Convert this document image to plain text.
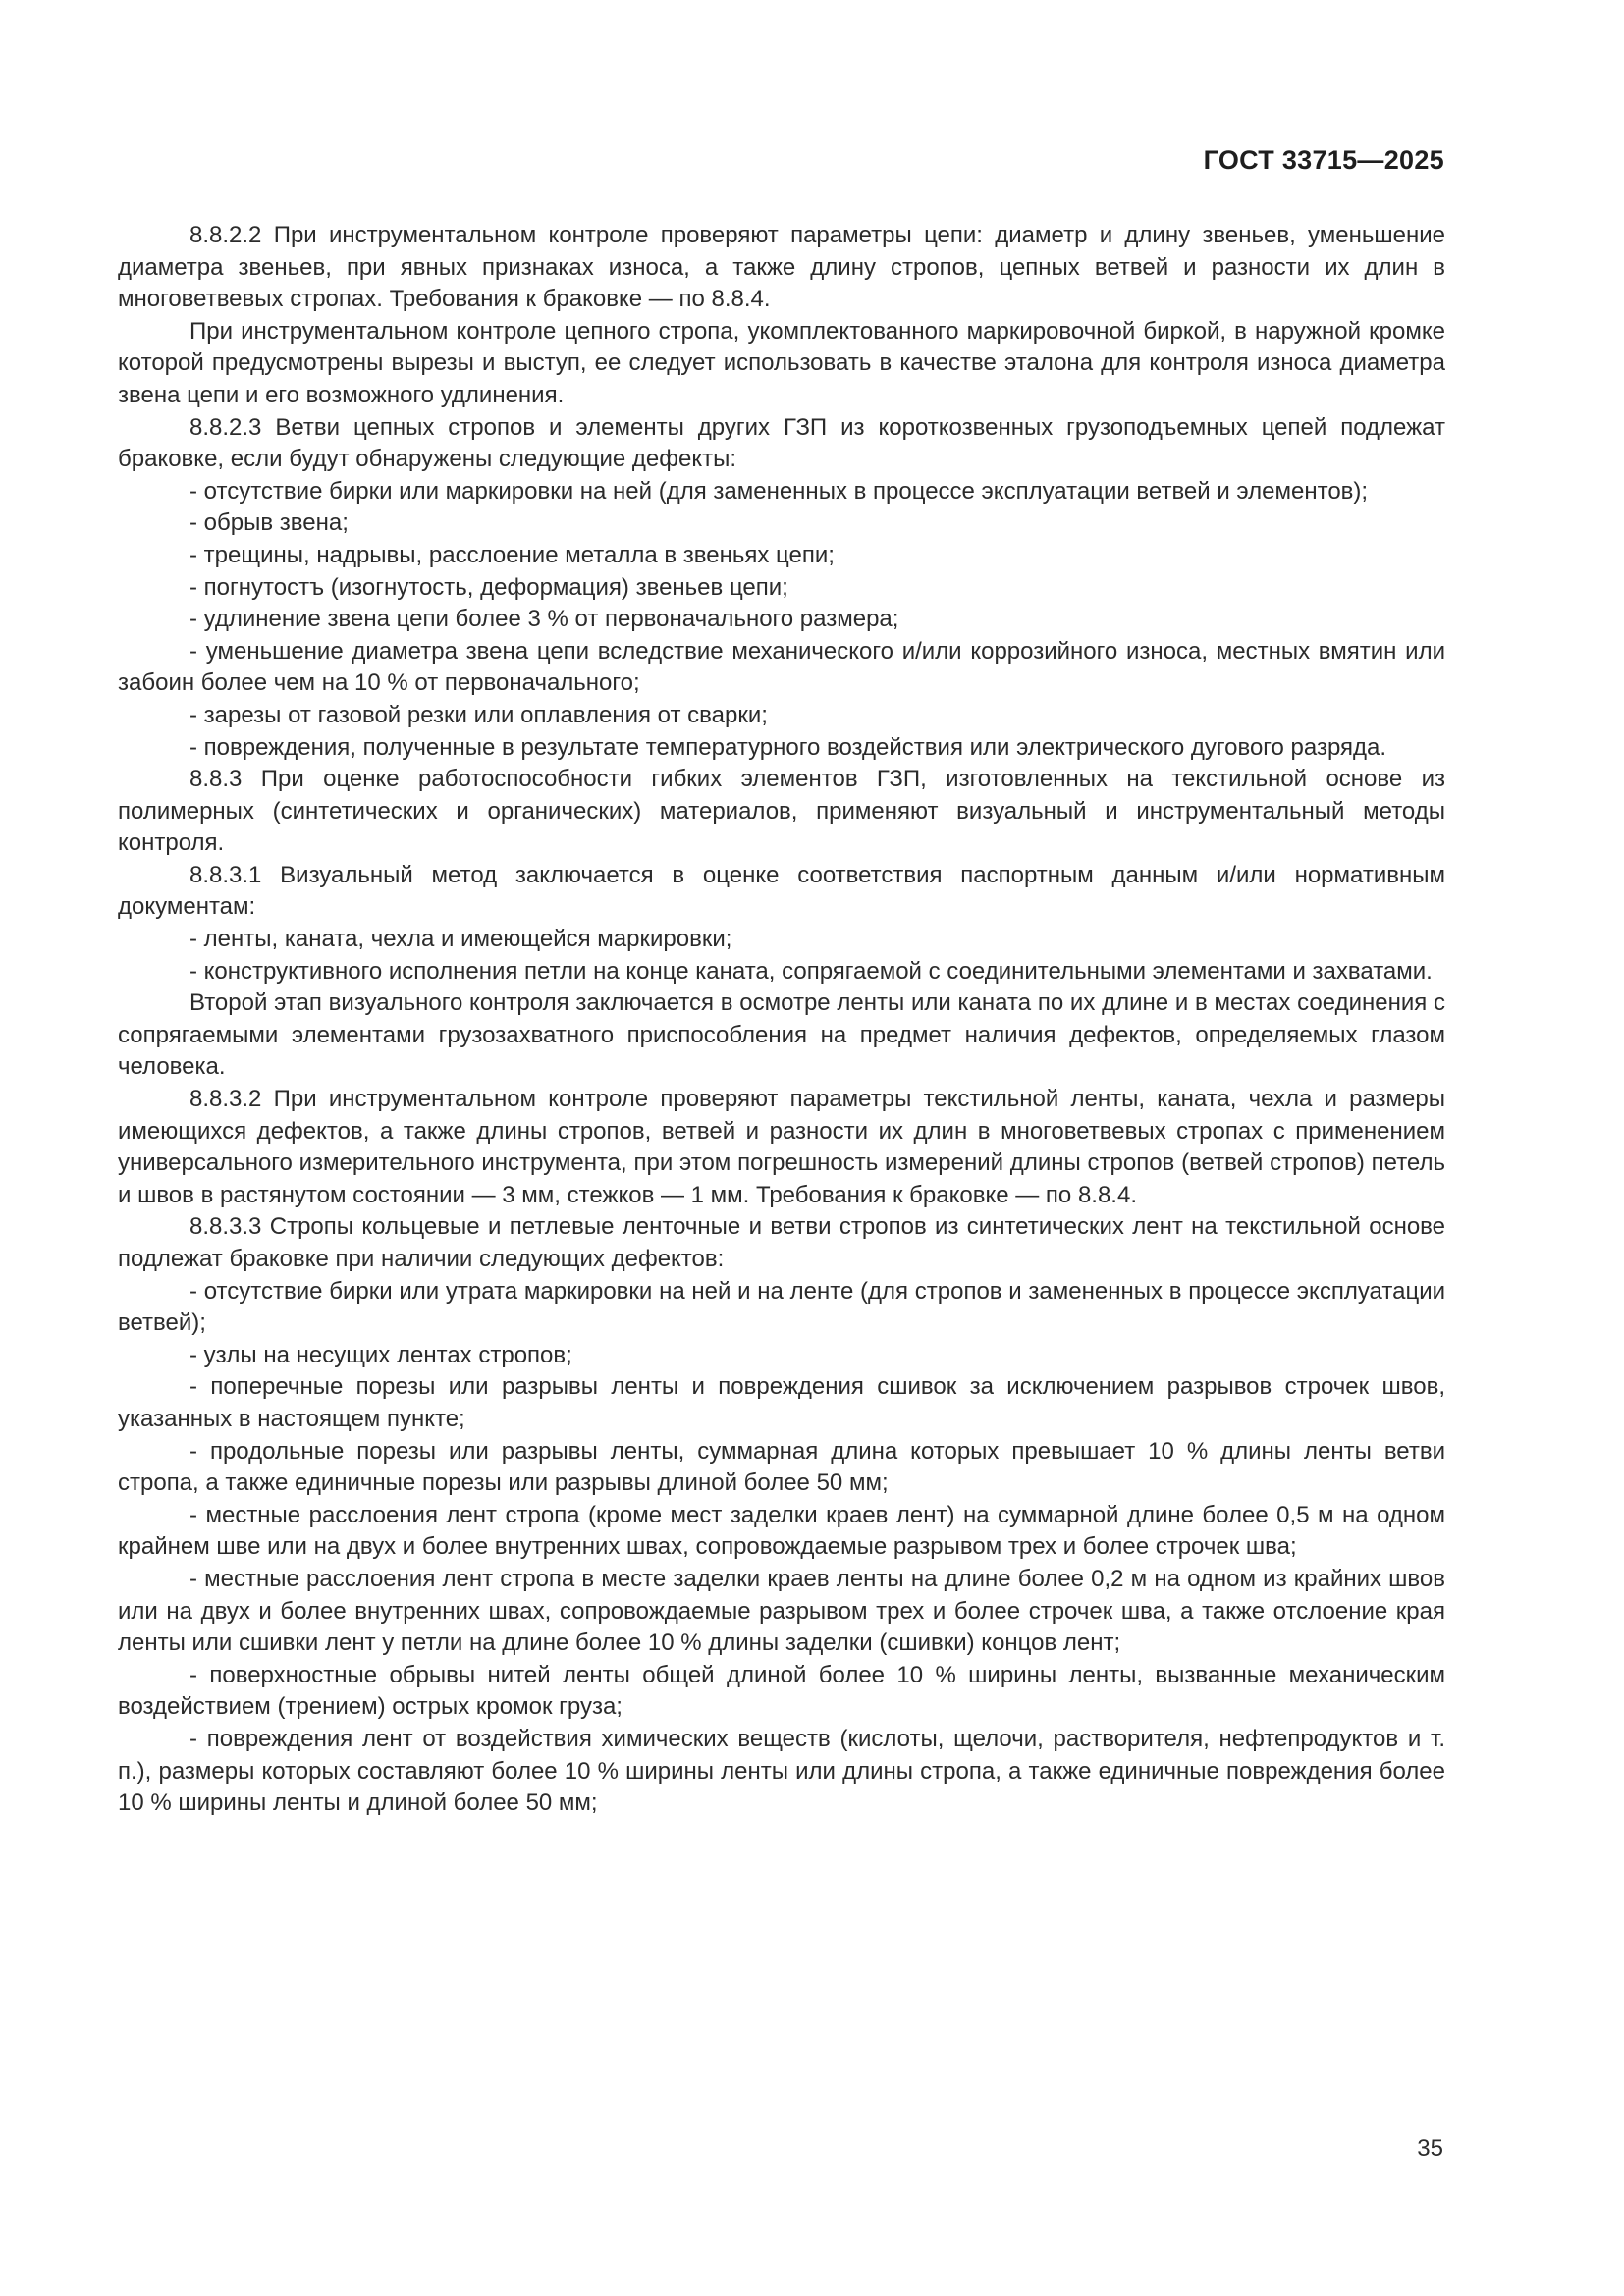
ГОСТ 33715—2025

8.8.2.2 При инструментальном контроле проверяют параметры цепи: диаметр и длину звеньев, уменьшение диаметра звеньев, при явных признаках износа, а также длину стропов, цепных ветвей и разности их длин в многоветвевых стропах. Требования к браковке — по 8.8.4.

При инструментальном контроле цепного стропа, укомплектованного маркировочной биркой, в наружной кромке которой предусмотрены вырезы и выступ, ее следует использовать в качестве эталона для контроля износа диаметра звена цепи и его возможного удлинения.

8.8.2.3 Ветви цепных стропов и элементы других ГЗП из короткозвенных грузоподъемных цепей подлежат браковке, если будут обнаружены следующие дефекты:

- отсутствие бирки или маркировки на ней (для замененных в процессе эксплуатации ветвей и элементов);

- обрыв звена;

- трещины, надрывы, расслоение металла в звеньях цепи;

- погнутостъ (изогнутость, деформация) звеньев цепи;

- удлинение звена цепи более 3 % от первоначального размера;

- уменьшение диаметра звена цепи вследствие механического и/или коррозийного износа, местных вмятин или забоин более чем на 10 % от первоначального;

- зарезы от газовой резки или оплавления от сварки;

- повреждения, полученные в результате температурного воздействия или электрического дугового разряда.

8.8.3 При оценке работоспособности гибких элементов ГЗП, изготовленных на текстильной основе из полимерных (синтетических и органических) материалов, применяют визуальный и инструментальный методы контроля.

8.8.3.1 Визуальный метод заключается в оценке соответствия паспортным данным и/или нормативным документам:

- ленты, каната, чехла и имеющейся маркировки;

- конструктивного исполнения петли на конце каната, сопрягаемой с соединительными элементами и захватами.

Второй этап визуального контроля заключается в осмотре ленты или каната по их длине и в местах соединения с сопрягаемыми элементами грузозахватного приспособления на предмет наличия дефектов, определяемых глазом человека.

8.8.3.2 При инструментальном контроле проверяют параметры текстильной ленты, каната, чехла и размеры имеющихся дефектов, а также длины стропов, ветвей и разности их длин в многоветвевых стропах с применением универсального измерительного инструмента, при этом погрешность измерений длины стропов (ветвей стропов) петель и швов в растянутом состоянии — 3 мм, стежков — 1 мм. Требования к браковке — по 8.8.4.

8.8.3.3 Стропы кольцевые и петлевые ленточные и ветви стропов из синтетических лент на текстильной основе подлежат браковке при наличии следующих дефектов:

- отсутствие бирки или утрата маркировки на ней и на ленте (для стропов и замененных в процессе эксплуатации ветвей);

- узлы на несущих лентах стропов;

- поперечные порезы или разрывы ленты и повреждения сшивок за исключением разрывов строчек швов, указанных в настоящем пункте;

- продольные порезы или разрывы ленты, суммарная длина которых превышает 10 % длины ленты ветви стропа, а также единичные порезы или разрывы длиной более 50 мм;

- местные расслоения лент стропа (кроме мест заделки краев лент) на суммарной длине более 0,5 м на одном крайнем шве или на двух и более внутренних швах, сопровождаемые разрывом трех и более строчек шва;

- местные расслоения лент стропа в месте заделки краев ленты на длине более 0,2 м на одном из крайних швов или на двух и более внутренних швах, сопровождаемые разрывом трех и более строчек шва, а также отслоение края ленты или сшивки лент у петли на длине более 10 % длины заделки (сшивки) концов лент;

- поверхностные обрывы нитей ленты общей длиной более 10 % ширины ленты, вызванные механическим воздействием (трением) острых кромок груза;

- повреждения лент от воздействия химических веществ (кислоты, щелочи, растворителя, нефтепродуктов и т. п.), размеры которых составляют более 10 % ширины ленты или длины стропа, а также единичные повреждения более 10 % ширины ленты и длиной более 50 мм;

35
